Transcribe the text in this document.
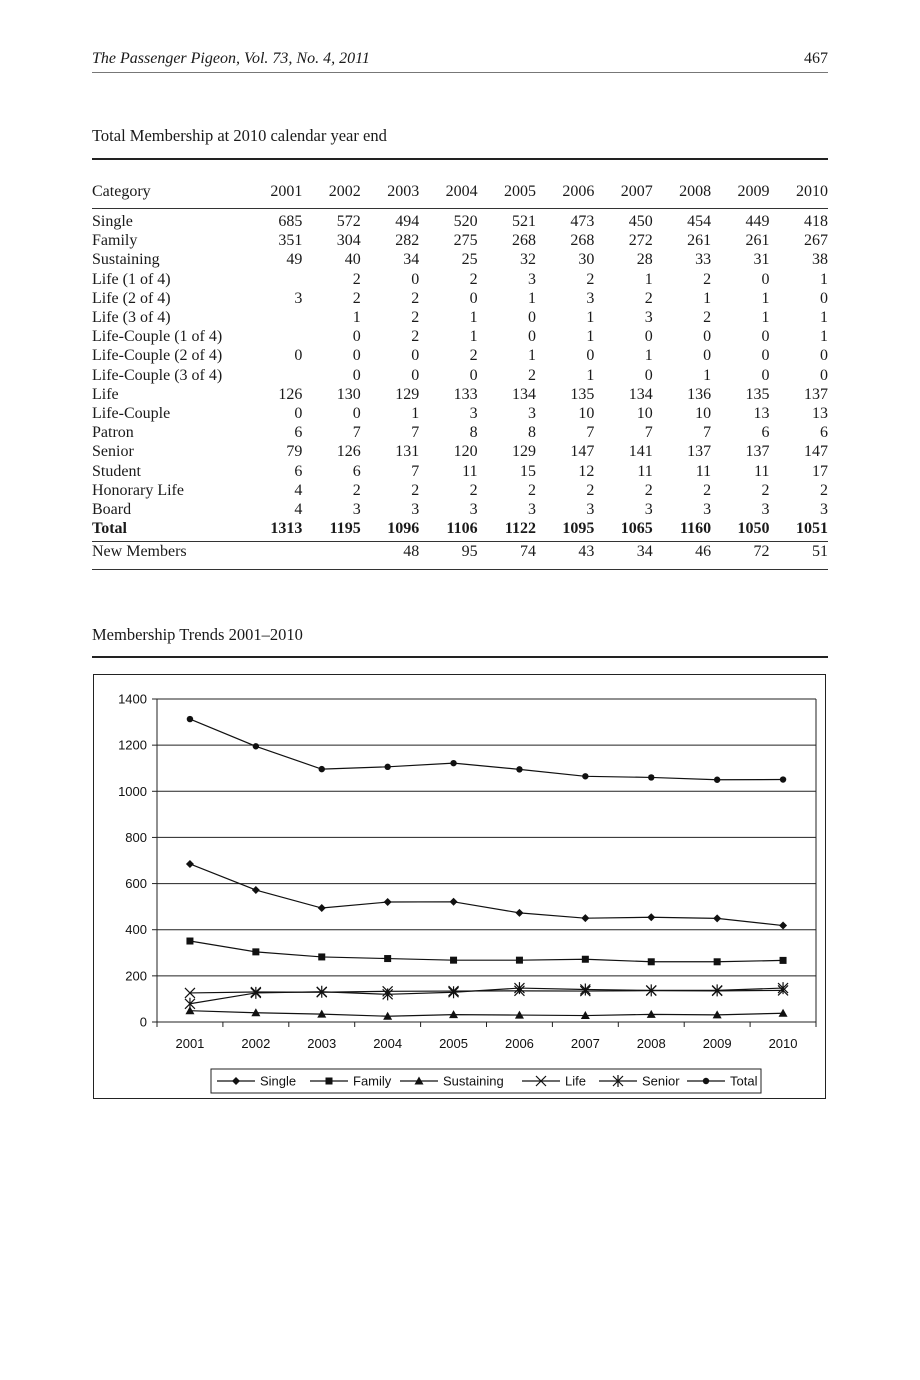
The Passenger Pigeon, Vol. 73, No. 4, 2011	467
Total Membership at 2010 calendar year end
Category	2001	2002	2003	2004	2005	2006	2007	2008	2009	2010
Single	685	572	494	520	521	473	450	454	449	418
Family	351	304	282	275	268	268	272	261	261	267
Sustaining	49	40	34	25	32	30	28	33	31	38
Life (1 of 4)		2	0	2	3	2	1	2	0	1
Life (2 of 4)	3	2	2	0	1	3	2	1	1	0
Life (3 of 4)		1	2	1	0	1	3	2	1	1
Life-Couple (1 of 4)		0	2	1	0	1	0	0	0	1
Life-Couple (2 of 4)	0	0	0	2	1	0	1	0	0	0
Life-Couple (3 of 4)		0	0	0	2	1	0	1	0	0
Life	126	130	129	133	134	135	134	136	135	137
Life-Couple	0	0	1	3	3	10	10	10	13	13
Patron	6	7	7	8	8	7	7	7	6	6
Senior	79	126	131	120	129	147	141	137	137	147
Student	6	6	7	11	15	12	11	11	11	17
Honorary Life	4	2	2	2	2	2	2	2	2	2
Board	4	3	3	3	3	3	3	3	3	3
Total	1313	1195	1096	1106	1122	1095	1065	1160	1050	1051
New Members			48	95	74	43	34	46	72	51
Membership Trends 2001–2010
0
200
400
600
800
1000
1200
1400
2001	2002	2003	2004	2005	2006	2007	2008	2009	2010
Single	Family	Sustaining	Life	Senior	Total
